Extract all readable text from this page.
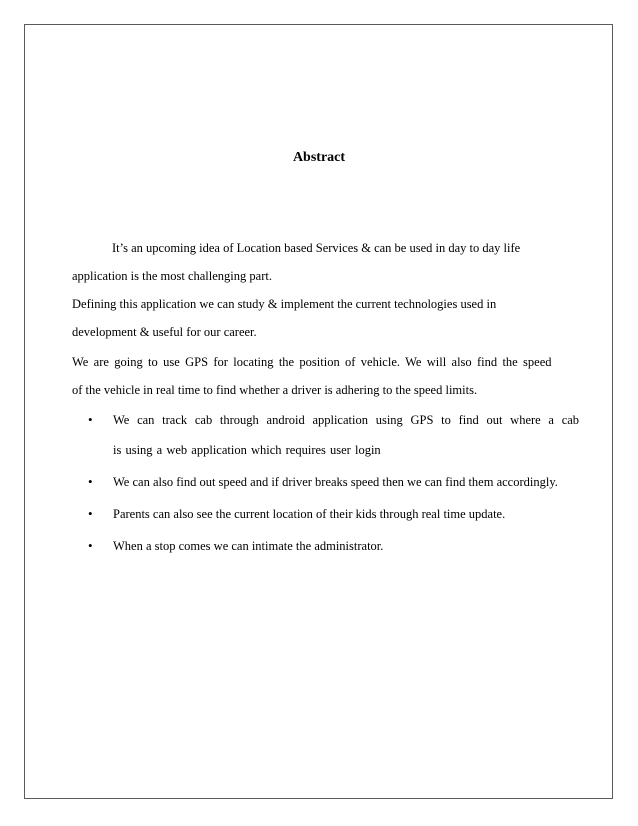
Abstract
It’s an upcoming idea of Location based Services & can be used in day to day life
application is the most challenging part.
Defining this application we can study & implement the current technologies used in
development & useful for our career.
We are going to use GPS for locating the position of vehicle. We will also find the speed
of the vehicle in real time to find whether a driver is adhering to the speed limits.
• We can track cab through android application using GPS to find out where a cab
is using a web application which requires user login
• We can also find out speed and if driver breaks speed then we can find them accordingly.
• Parents can also see the current location of their kids through real time update.
• When a stop comes we can intimate the administrator.
